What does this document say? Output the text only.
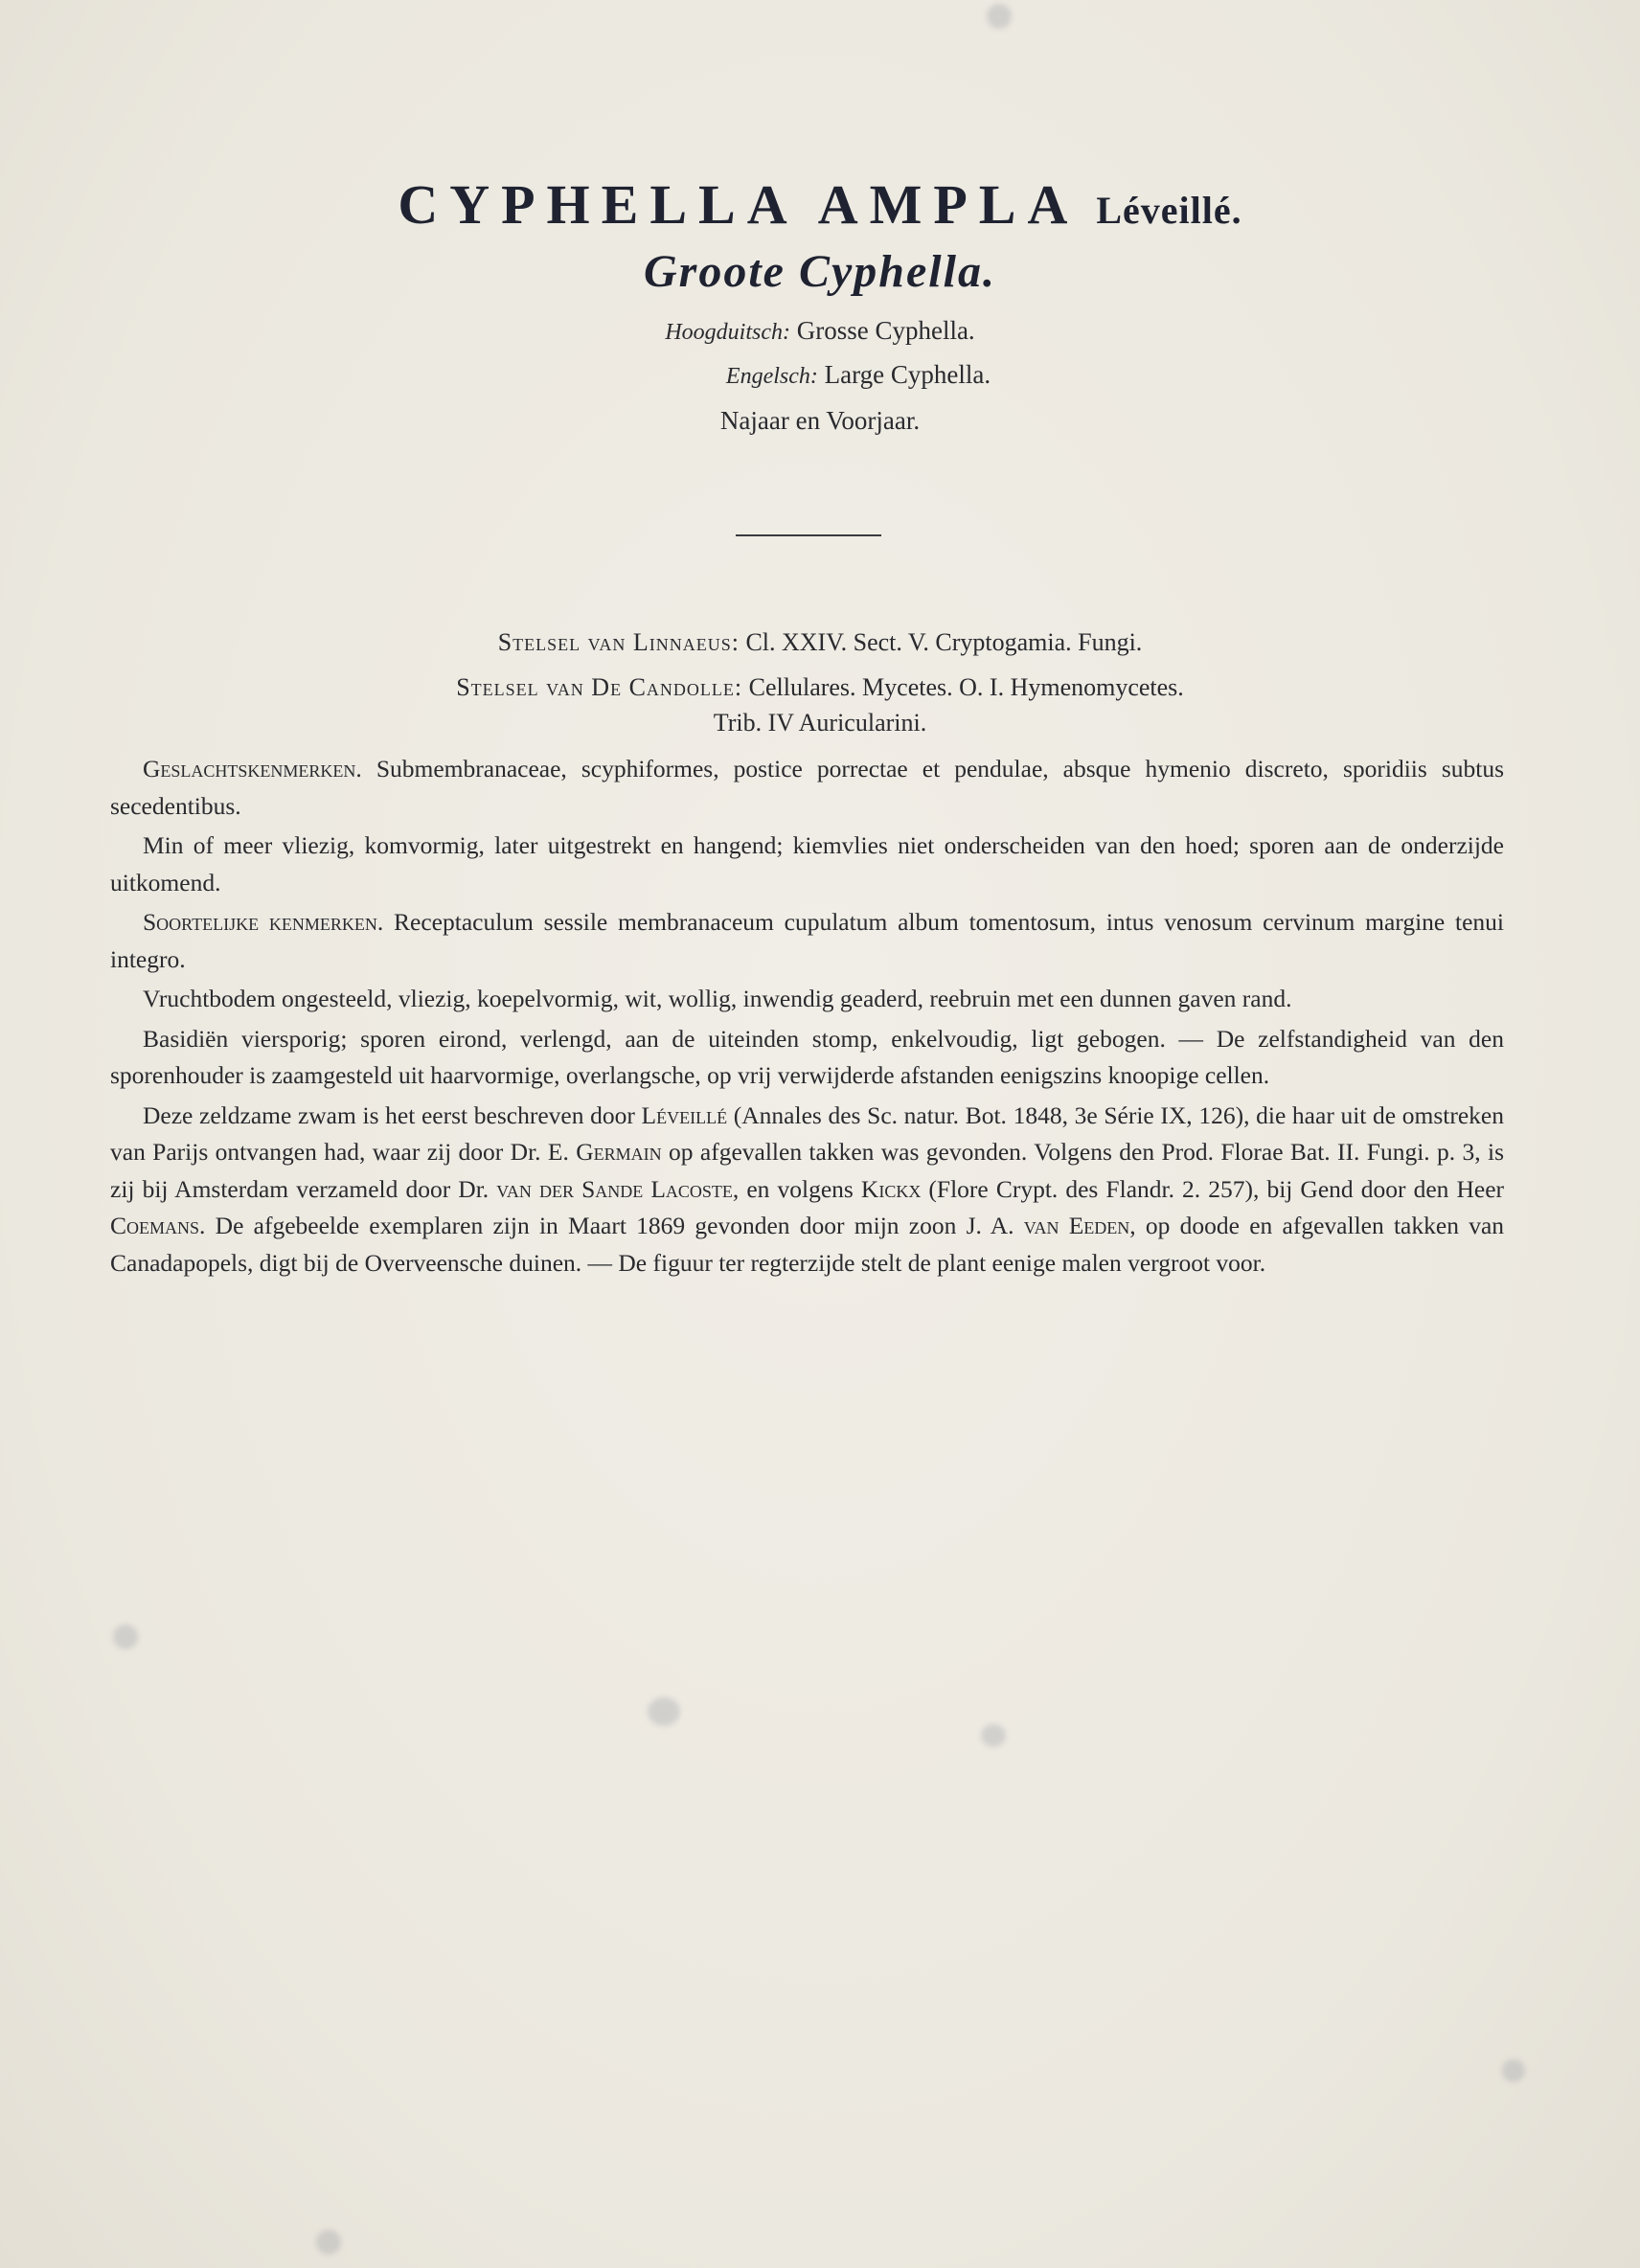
CYPHELLA AMPLA Léveillé.
Groote Cyphella.
Hoogduitsch: Grosse Cyphella.
Engelsch: Large Cyphella.
Najaar en Voorjaar.
Stelsel van Linnaeus: Cl. XXIV. Sect. V. Cryptogamia. Fungi.
Stelsel van De Candolle: Cellulares. Mycetes. O. I. Hymenomycetes.
Trib. IV Auricularini.

Geslachtskenmerken. Submembranaceae, scyphiformes, postice porrectae et pendulae, absque hymenio discreto, sporidiis subtus secedentibus.

Min of meer vliezig, komvormig, later uitgestrekt en hangend; kiemvlies niet onderscheiden van den hoed; sporen aan de onderzijde uitkomend.

Soortelijke kenmerken. Receptaculum sessile membranaceum cupulatum album tomentosum, intus venosum cervinum margine tenui integro.

Vruchtbodem ongesteeld, vliezig, koepelvormig, wit, wollig, inwendig geaderd, reebruin met een dunnen gaven rand.

Basidiën viersporig; sporen eirond, verlengd, aan de uiteinden stomp, enkelvoudig, ligt gebogen. — De zelfstandigheid van den sporenhouder is zaamgesteld uit haarvormige, overlangsche, op vrij verwijderde afstanden eenigszins knoopige cellen.

Deze zeldzame zwam is het eerst beschreven door Léveillé (Annales des Sc. natur. Bot. 1848, 3e Série IX, 126), die haar uit de omstreken van Parijs ontvangen had, waar zij door Dr. E. Germain op afgevallen takken was gevonden. Volgens den Prod. Florae Bat. II. Fungi. p. 3, is zij bij Amsterdam verzameld door Dr. van der Sande Lacoste, en volgens Kickx (Flore Crypt. des Flandr. 2. 257), bij Gend door den Heer Coemans. De afgebeelde exemplaren zijn in Maart 1869 gevonden door mijn zoon J. A. van Eeden, op doode en afgevallen takken van Canadapopels, digt bij de Overveensche duinen. — De figuur ter regterzijde stelt de plant eenige malen vergroot voor.
